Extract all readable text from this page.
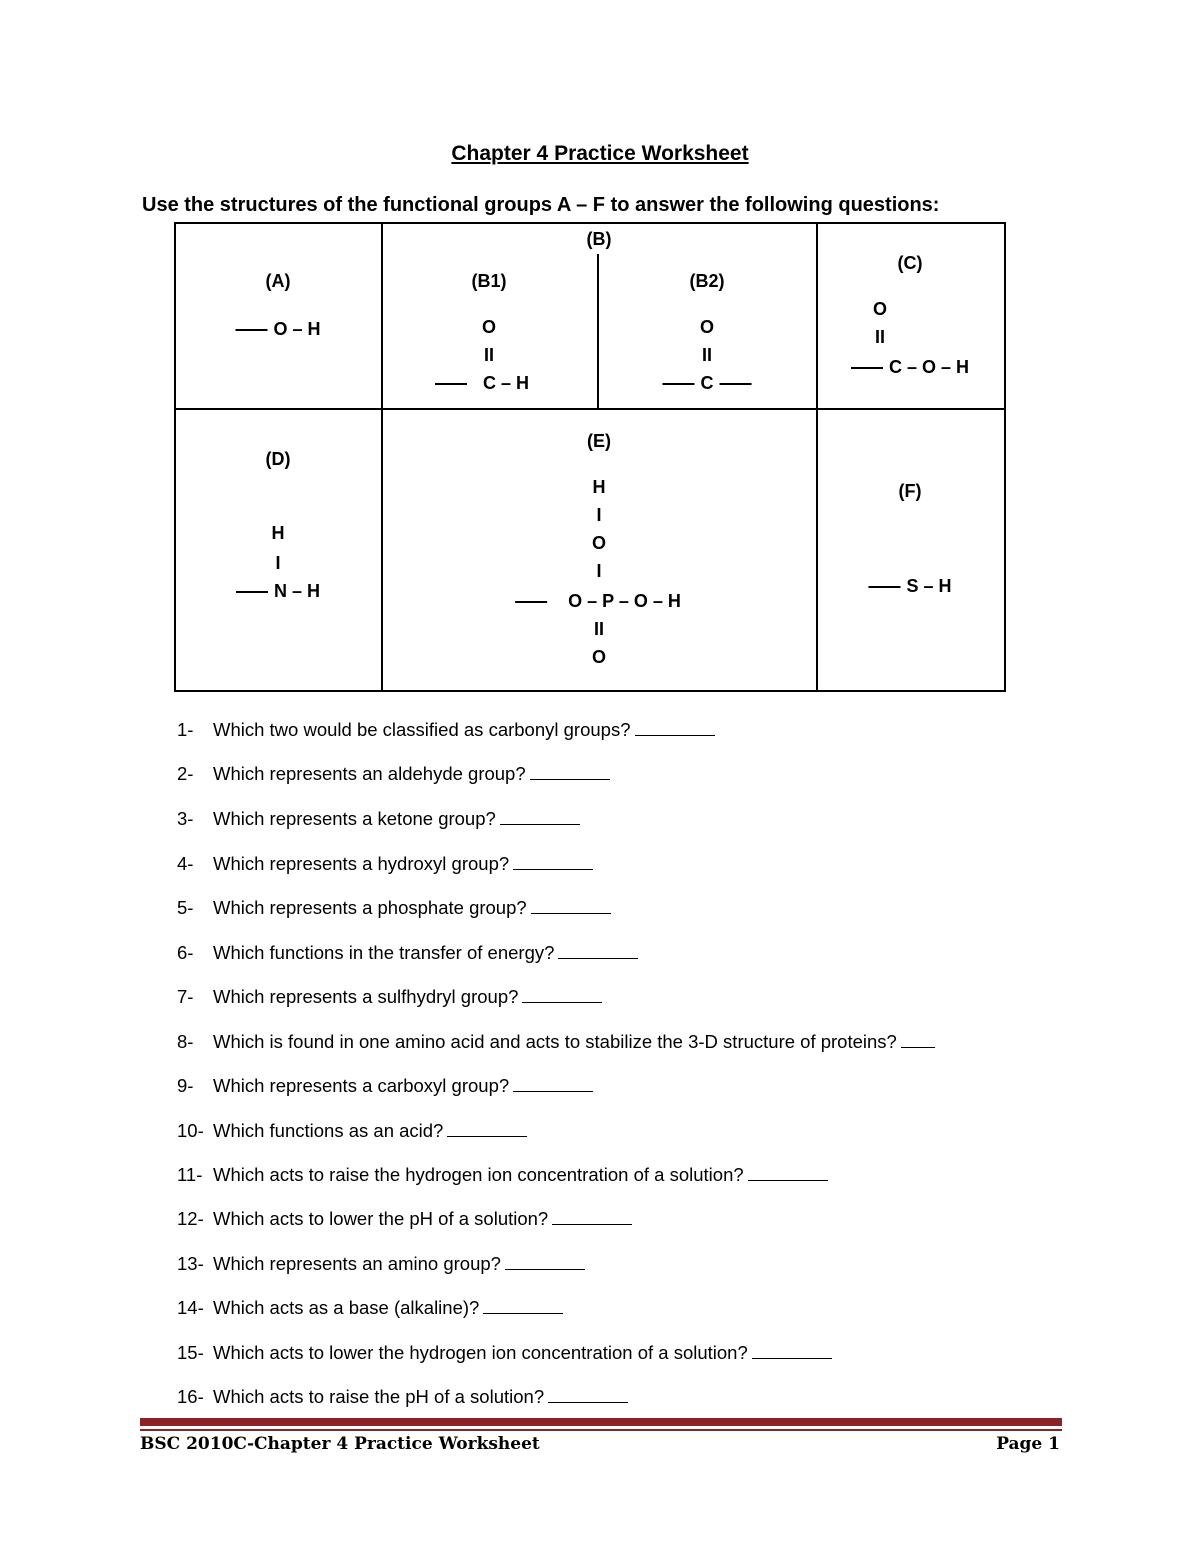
Chapter 4 Practice Worksheet
Use the structures of the functional groups A – F to answer the following questions:
(A)
O – H
(B)
(B1)
O
II
C – H
(B2)
O
II
C
(C)
O
II
C – O – H
(D)
H
I
N – H
(E)
H
I
O
I
O – P – O – H
II
O
(F)
S – H
1- Which two would be classified as carbonyl groups?
2- Which represents an aldehyde group?
3- Which represents a ketone group?
4- Which represents a hydroxyl group?
5- Which represents a phosphate group?
6- Which functions in the transfer of energy?
7- Which represents a sulfhydryl group?
8- Which is found in one amino acid and acts to stabilize the 3-D structure of proteins?
9- Which represents a carboxyl group?
10- Which functions as an acid?
11- Which acts to raise the hydrogen ion concentration of a solution?
12- Which acts to lower the pH of a solution?
13- Which represents an amino group?
14- Which acts as a base (alkaline)?
15- Which acts to lower the hydrogen ion concentration of a solution?
16- Which acts to raise the pH of a solution?
BSC 2010C-Chapter 4 Practice Worksheet	Page 1
